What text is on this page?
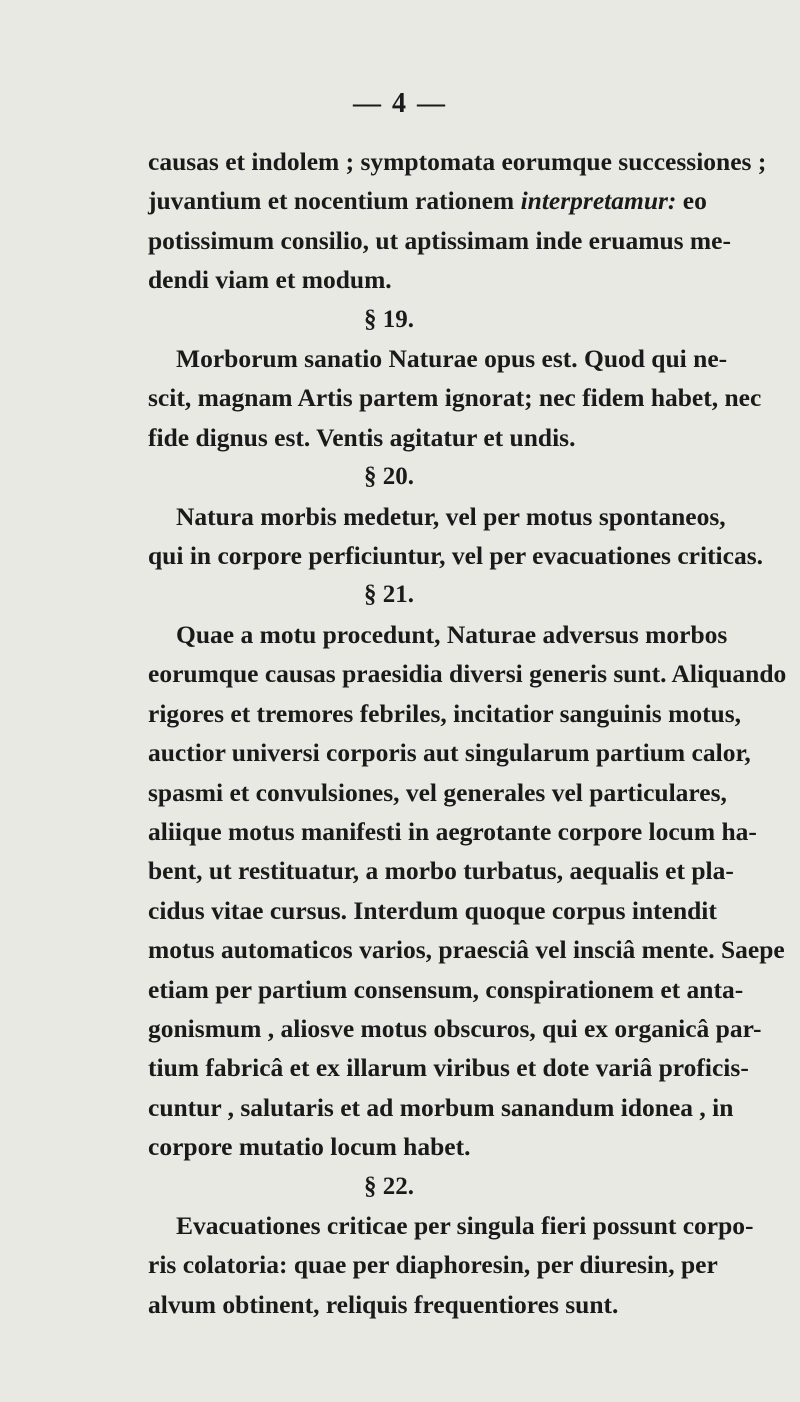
— 4 —
causas et indolem ; symptomata eorumque successiones ;
juvantium et nocentium rationem interpretamur: eo
potissimum consilio, ut aptissimam inde eruamus me-
dendi viam et modum.
§ 19.
Morborum sanatio Naturae opus est. Quod qui ne-
scit, magnam Artis partem ignorat; nec fidem habet, nec
fide dignus est. Ventis agitatur et undis.
§ 20.
Natura morbis medetur, vel per motus spontaneos,
qui in corpore perficiuntur, vel per evacuationes criticas.
§ 21.
Quae a motu procedunt, Naturae adversus morbos
eorumque causas praesidia diversi generis sunt. Aliquando
rigores et tremores febriles, incitatior sanguinis motus,
auctior universi corporis aut singularum partium calor,
spasmi et convulsiones, vel generales vel particulares,
aliique motus manifesti in aegrotante corpore locum ha-
bent, ut restituatur, a morbo turbatus, aequalis et pla-
cidus vitae cursus. Interdum quoque corpus intendit
motus automaticos varios, praesciâ vel insciâ mente. Saepe
etiam per partium consensum, conspirationem et anta-
gonismum , aliosve motus obscuros, qui ex organicâ par-
tium fabricâ et ex illarum viribus et dote variâ proficis-
cuntur , salutaris et ad morbum sanandum idonea , in
corpore mutatio locum habet.
§ 22.
Evacuationes criticae per singula fieri possunt corpo-
ris colatoria: quae per diaphoresin, per diuresin, per
alvum obtinent, reliquis frequentiores sunt.
